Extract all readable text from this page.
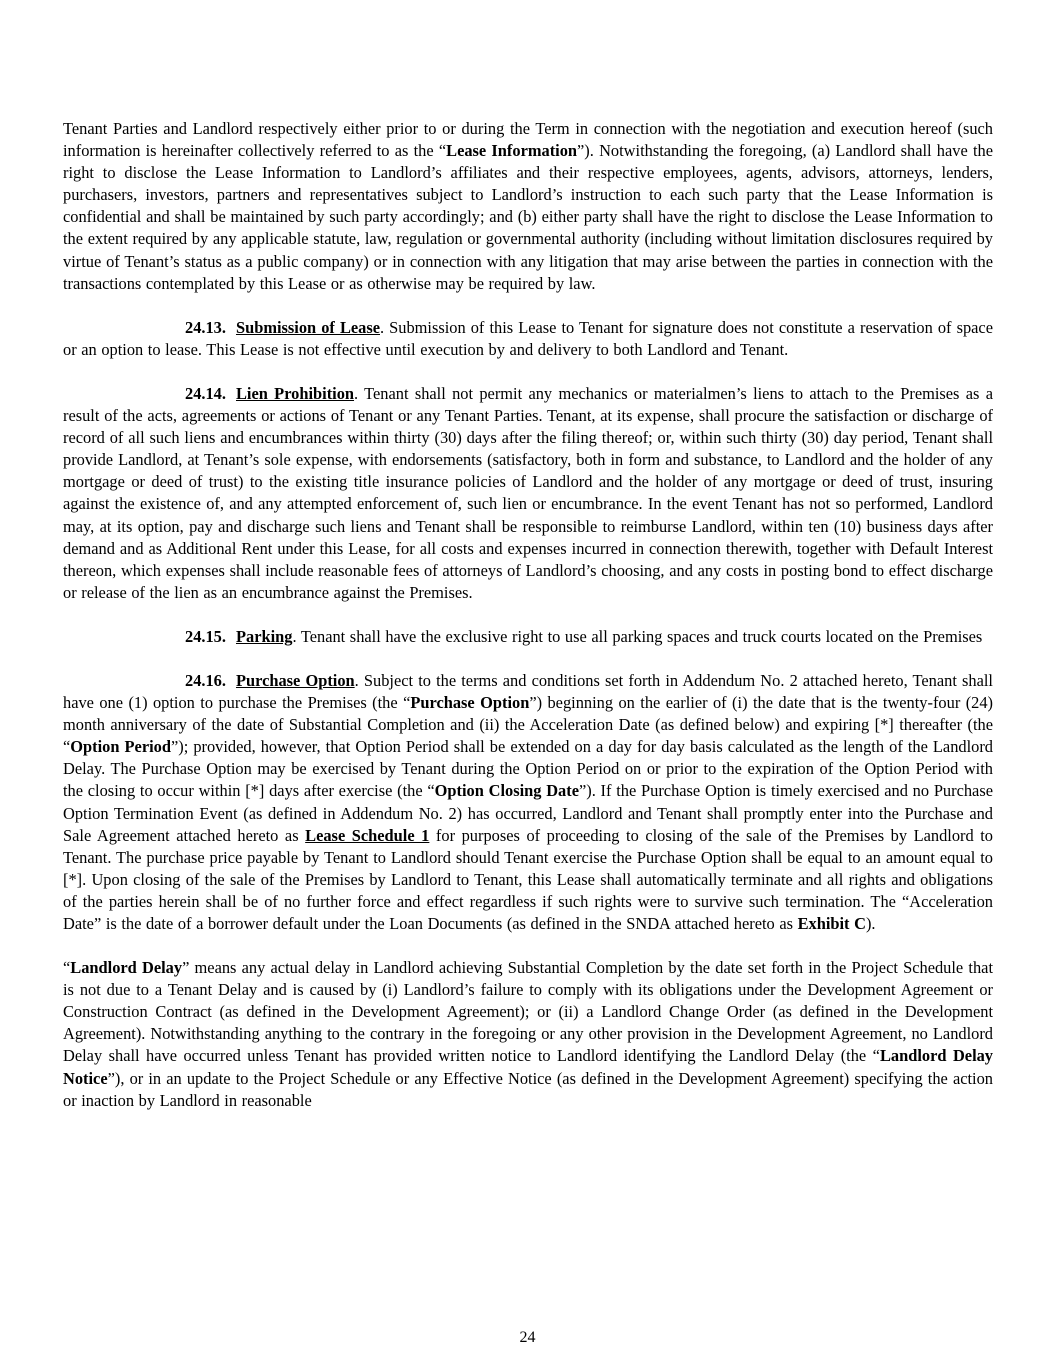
Tenant Parties and Landlord respectively either prior to or during the Term in connection with the negotiation and execution hereof (such information is hereinafter collectively referred to as the “Lease Information”). Notwithstanding the foregoing, (a) Landlord shall have the right to disclose the Lease Information to Landlord’s affiliates and their respective employees, agents, advisors, attorneys, lenders, purchasers, investors, partners and representatives subject to Landlord’s instruction to each such party that the Lease Information is confidential and shall be maintained by such party accordingly; and (b) either party shall have the right to disclose the Lease Information to the extent required by any applicable statute, law, regulation or governmental authority (including without limitation disclosures required by virtue of Tenant’s status as a public company) or in connection with any litigation that may arise between the parties in connection with the transactions contemplated by this Lease or as otherwise may be required by law.

24.13. Submission of Lease. Submission of this Lease to Tenant for signature does not constitute a reservation of space or an option to lease. This Lease is not effective until execution by and delivery to both Landlord and Tenant.

24.14. Lien Prohibition. Tenant shall not permit any mechanics or materialmen’s liens to attach to the Premises as a result of the acts, agreements or actions of Tenant or any Tenant Parties. Tenant, at its expense, shall procure the satisfaction or discharge of record of all such liens and encumbrances within thirty (30) days after the filing thereof; or, within such thirty (30) day period, Tenant shall provide Landlord, at Tenant’s sole expense, with endorsements (satisfactory, both in form and substance, to Landlord and the holder of any mortgage or deed of trust) to the existing title insurance policies of Landlord and the holder of any mortgage or deed of trust, insuring against the existence of, and any attempted enforcement of, such lien or encumbrance. In the event Tenant has not so performed, Landlord may, at its option, pay and discharge such liens and Tenant shall be responsible to reimburse Landlord, within ten (10) business days after demand and as Additional Rent under this Lease, for all costs and expenses incurred in connection therewith, together with Default Interest thereon, which expenses shall include reasonable fees of attorneys of Landlord’s choosing, and any costs in posting bond to effect discharge or release of the lien as an encumbrance against the Premises.

24.15. Parking. Tenant shall have the exclusive right to use all parking spaces and truck courts located on the Premises

24.16. Purchase Option. Subject to the terms and conditions set forth in Addendum No. 2 attached hereto, Tenant shall have one (1) option to purchase the Premises (the “Purchase Option”) beginning on the earlier of (i) the date that is the twenty-four (24) month anniversary of the date of Substantial Completion and (ii) the Acceleration Date (as defined below) and expiring [*] thereafter (the “Option Period”); provided, however, that Option Period shall be extended on a day for day basis calculated as the length of the Landlord Delay. The Purchase Option may be exercised by Tenant during the Option Period on or prior to the expiration of the Option Period with the closing to occur within [*] days after exercise (the “Option Closing Date”). If the Purchase Option is timely exercised and no Purchase Option Termination Event (as defined in Addendum No. 2) has occurred, Landlord and Tenant shall promptly enter into the Purchase and Sale Agreement attached hereto as Lease Schedule 1 for purposes of proceeding to closing of the sale of the Premises by Landlord to Tenant. The purchase price payable by Tenant to Landlord should Tenant exercise the Purchase Option shall be equal to an amount equal to [*]. Upon closing of the sale of the Premises by Landlord to Tenant, this Lease shall automatically terminate and all rights and obligations of the parties herein shall be of no further force and effect regardless if such rights were to survive such termination. The “Acceleration Date” is the date of a borrower default under the Loan Documents (as defined in the SNDA attached hereto as Exhibit C).

“Landlord Delay” means any actual delay in Landlord achieving Substantial Completion by the date set forth in the Project Schedule that is not due to a Tenant Delay and is caused by (i) Landlord’s failure to comply with its obligations under the Development Agreement or Construction Contract (as defined in the Development Agreement); or (ii) a Landlord Change Order (as defined in the Development Agreement). Notwithstanding anything to the contrary in the foregoing or any other provision in the Development Agreement, no Landlord Delay shall have occurred unless Tenant has provided written notice to Landlord identifying the Landlord Delay (the “Landlord Delay Notice”), or in an update to the Project Schedule or any Effective Notice (as defined in the Development Agreement) specifying the action or inaction by Landlord in reasonable

24
